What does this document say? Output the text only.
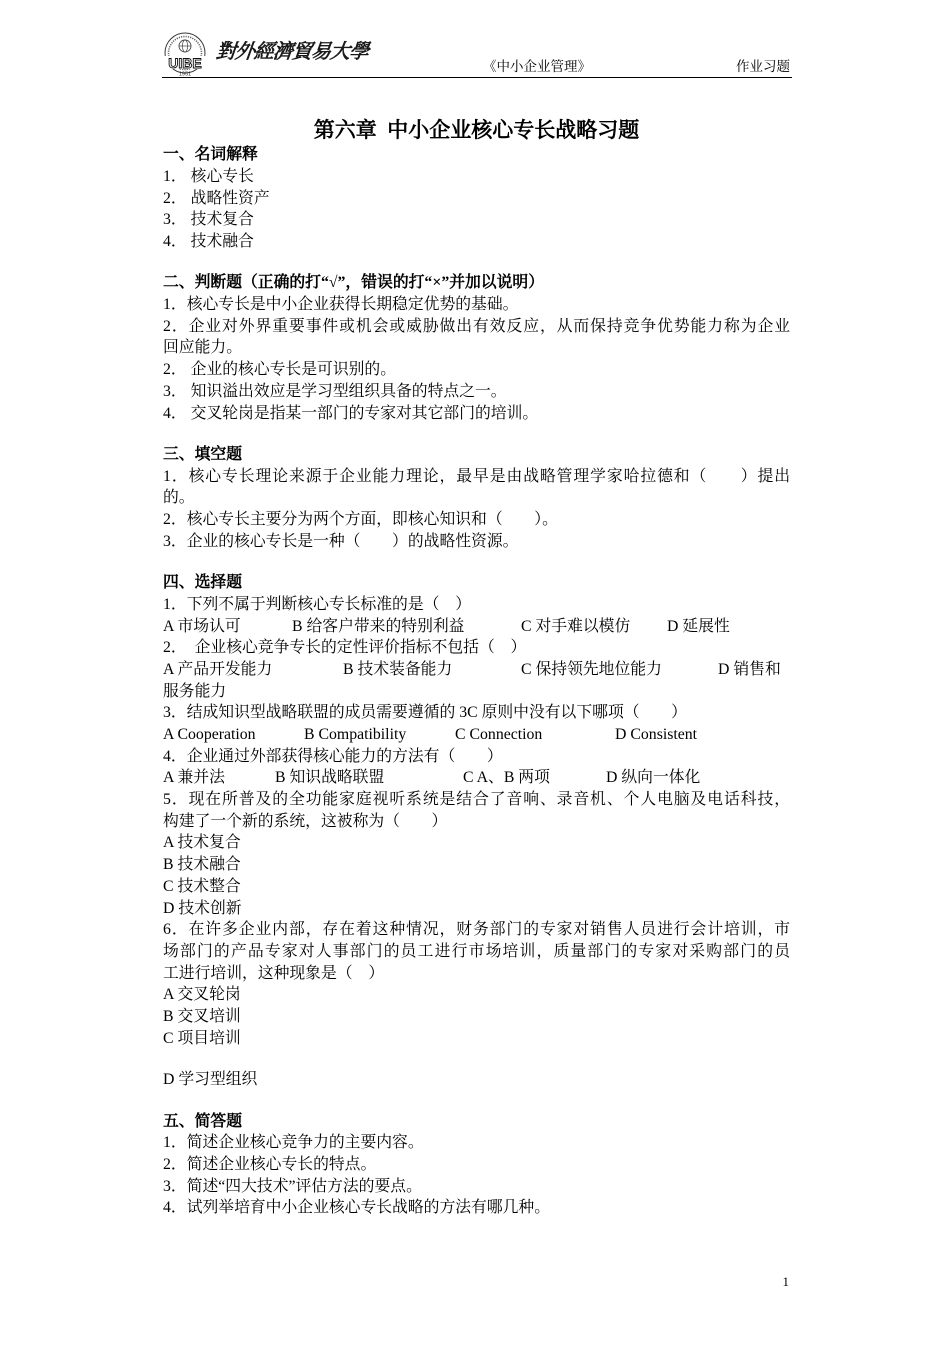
UIBE
1951
對外經濟貿易大學
《中小企业管理》	作业习题
第六章  中小企业核心专长战略习题
一、名词解释
1． 核心专长
2． 战略性资产
3． 技术复合
4． 技术融合
二、判断题（正确的打“√”，错误的打“×”并加以说明）
1．核心专长是中小企业获得长期稳定优势的基础。
2．企业对外界重要事件或机会或威胁做出有效反应，从而保持竞争优势能力称为企业
回应能力。
2． 企业的核心专长是可识别的。
3． 知识溢出效应是学习型组织具备的特点之一。
4． 交叉轮岗是指某一部门的专家对其它部门的培训。
三、填空题
1．核心专长理论来源于企业能力理论，最早是由战略管理学家哈拉德和（　　）提出
的。
2．核心专长主要分为两个方面，即核心知识和（　　）。
3．企业的核心专长是一种（　　）的战略性资源。
四、选择题
1．下列不属于判断核心专长标准的是（　）
A 市场认可	B 给客户带来的特别利益	C 对手难以模仿 D 延展性
2．  企业核心竞争专长的定性评价指标不包括（　）
A 产品开发能力	B 技术装备能力	C 保持领先地位能力	D 销售和
服务能力
3．结成知识型战略联盟的成员需要遵循的 3C 原则中没有以下哪项（　　）
A Cooperation	B Compatibility	C Connection	D Consistent
4．企业通过外部获得核心能力的方法有（　　）
A 兼并法	B 知识战略联盟	C A、B 两项	D 纵向一体化
5．现在所普及的全功能家庭视听系统是结合了音响、录音机、个人电脑及电话科技，
构建了一个新的系统，这被称为（　　）
A 技术复合
B 技术融合
C 技术整合
D 技术创新
6．在许多企业内部，存在着这种情况，财务部门的专家对销售人员进行会计培训，市
场部门的产品专家对人事部门的员工进行市场培训，质量部门的专家对采购部门的员
工进行培训，这种现象是（　）
A 交叉轮岗
B 交叉培训
C 项目培训
D 学习型组织
五、简答题
1．简述企业核心竞争力的主要内容。
2．简述企业核心专长的特点。
3．简述“四大技术”评估方法的要点。
4．试列举培育中小企业核心专长战略的方法有哪几种。
1
